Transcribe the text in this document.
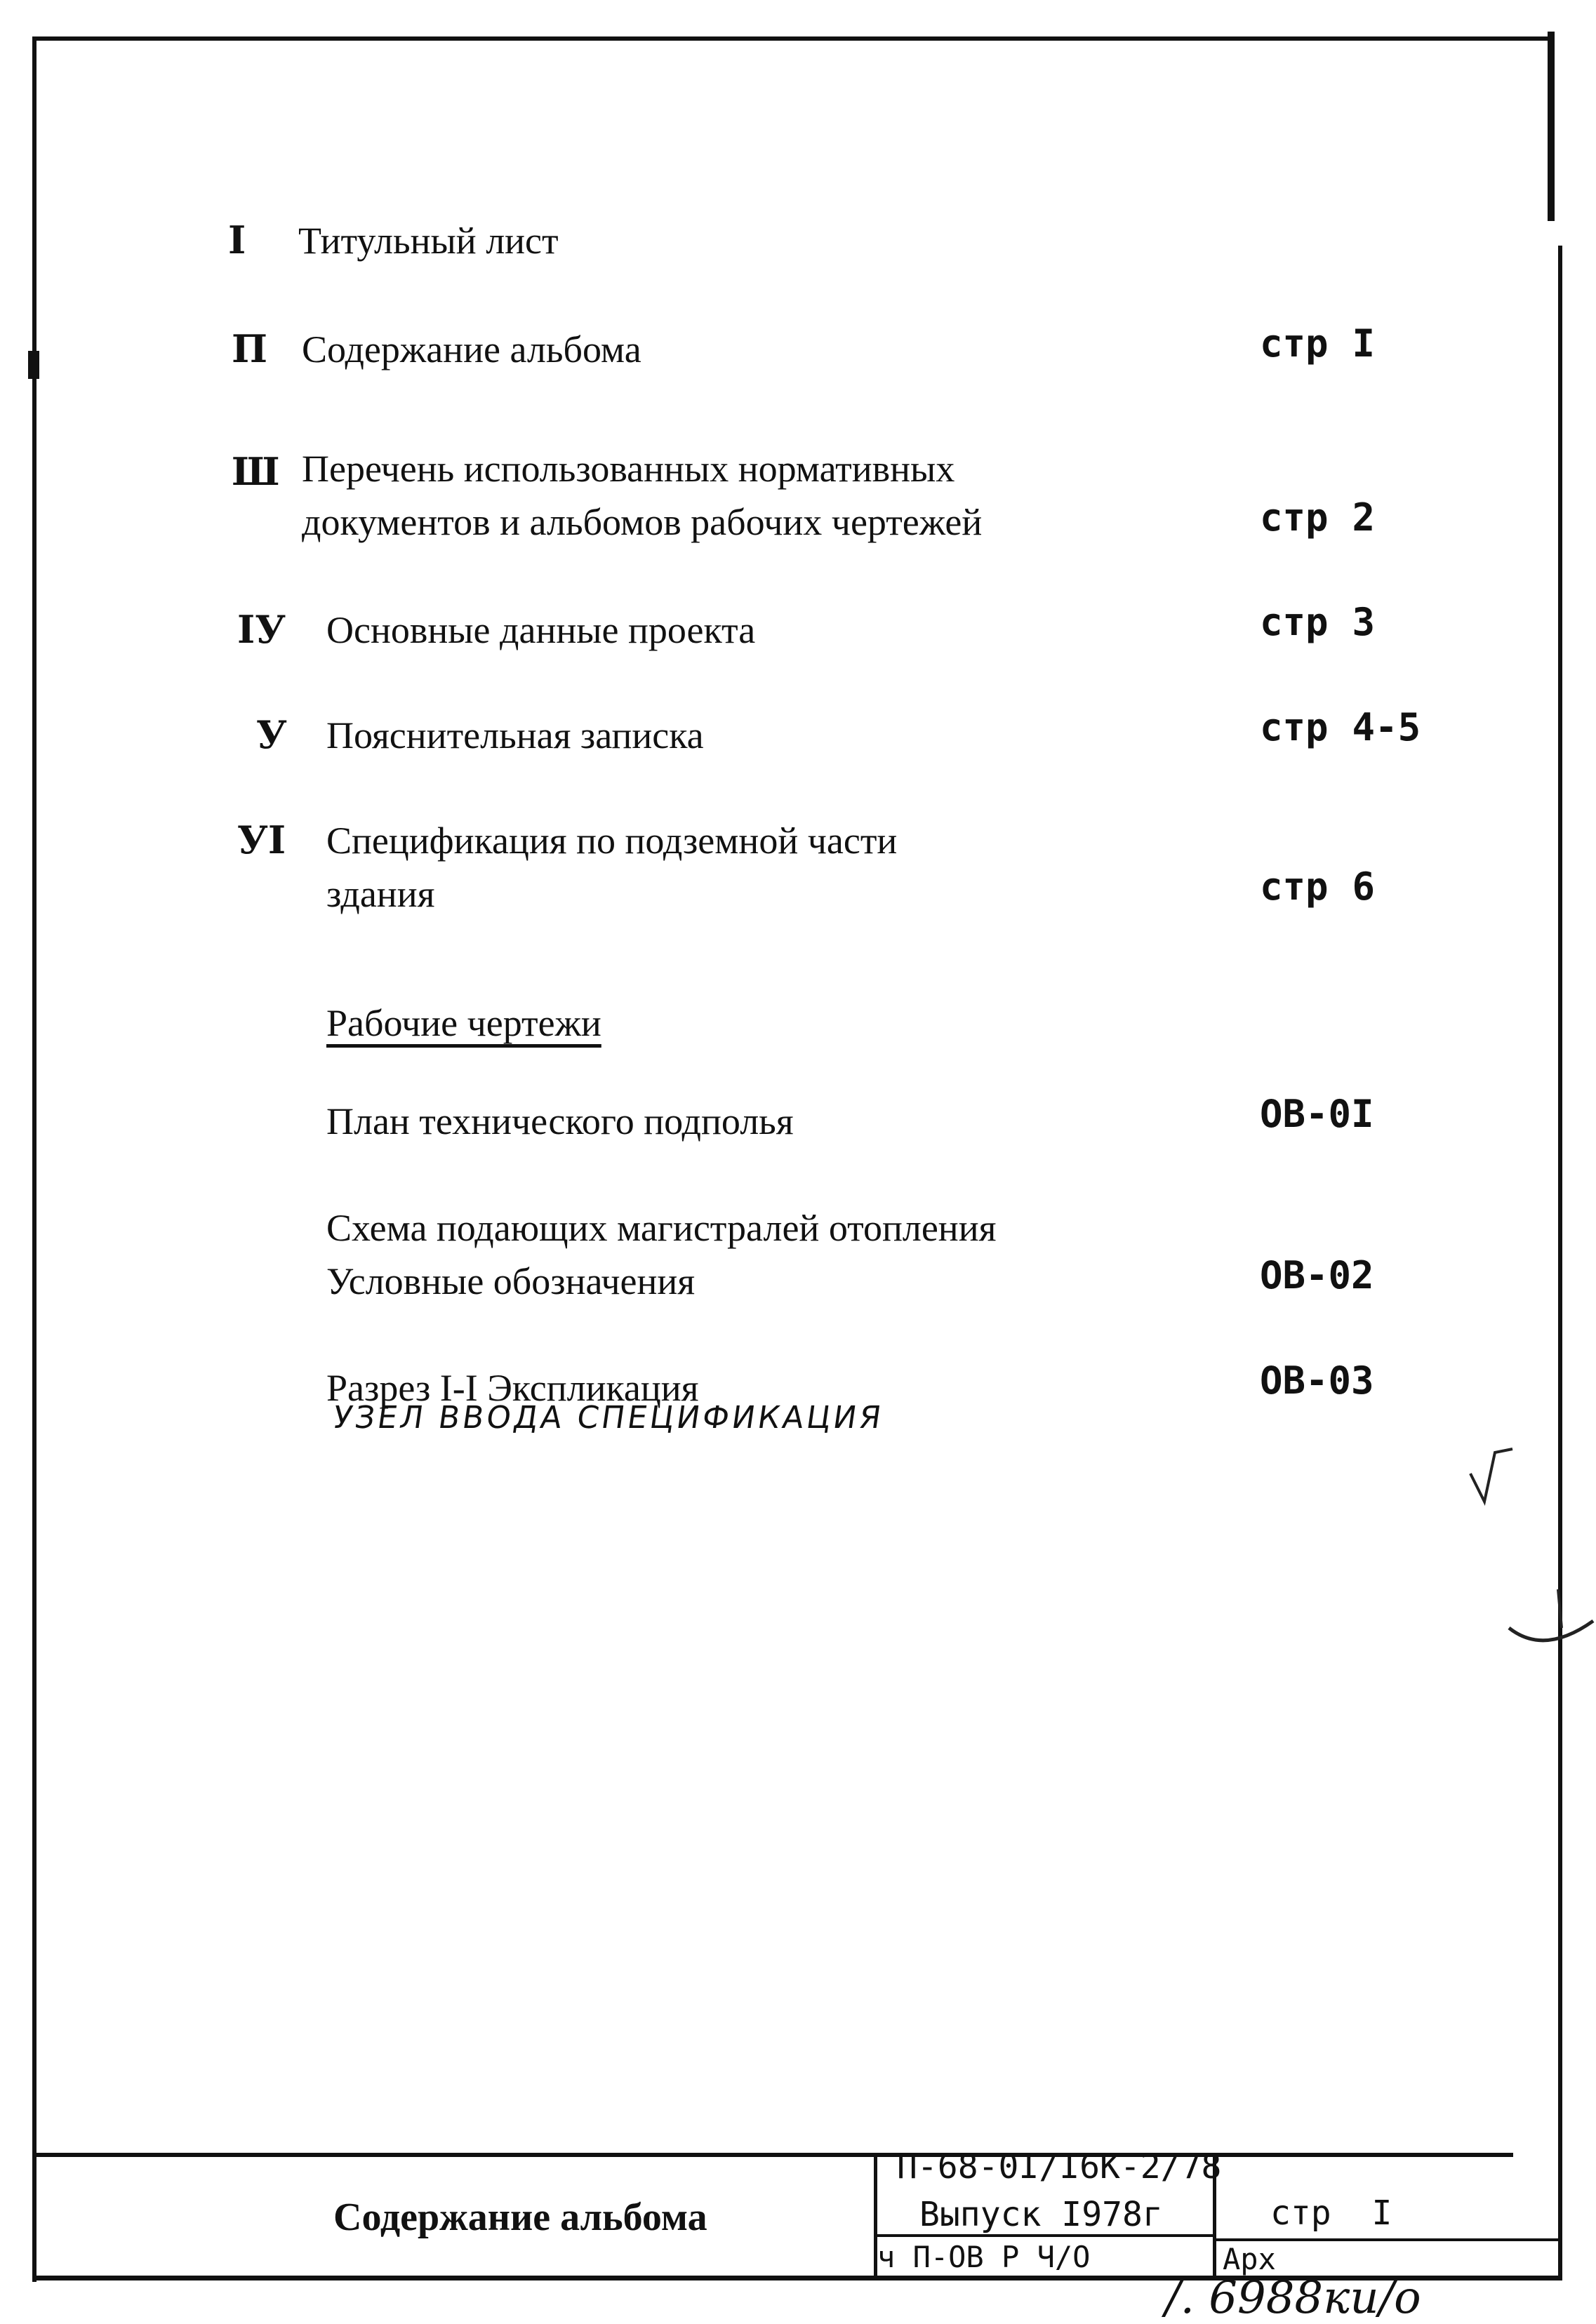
I Титульный лист
П Содержание альбома	стр I
Ш Перечень использованных нормативных
документов и альбомов рабочих чертежей	стр 2
IУ Основные данные проекта	стр 3
У Пояснительная записка	стр 4-5
УI Спецификация по подземной части
здания	стр 6
Рабочие чертежи
План технического подполья	ОВ-0I
Схема подающих магистралей отопления
Условные обозначения	ОВ-02
Разрез I-I Экспликация	ОВ-03
УЗЕЛ ВВОДА СПЕЦИФИКАЦИЯ
Содержание альбома
П-68-0I/I6К-2/78
Выпуск I978г
ч П-ОВ Р Ч/О
стр I
Арх
/. 6988ки/о
